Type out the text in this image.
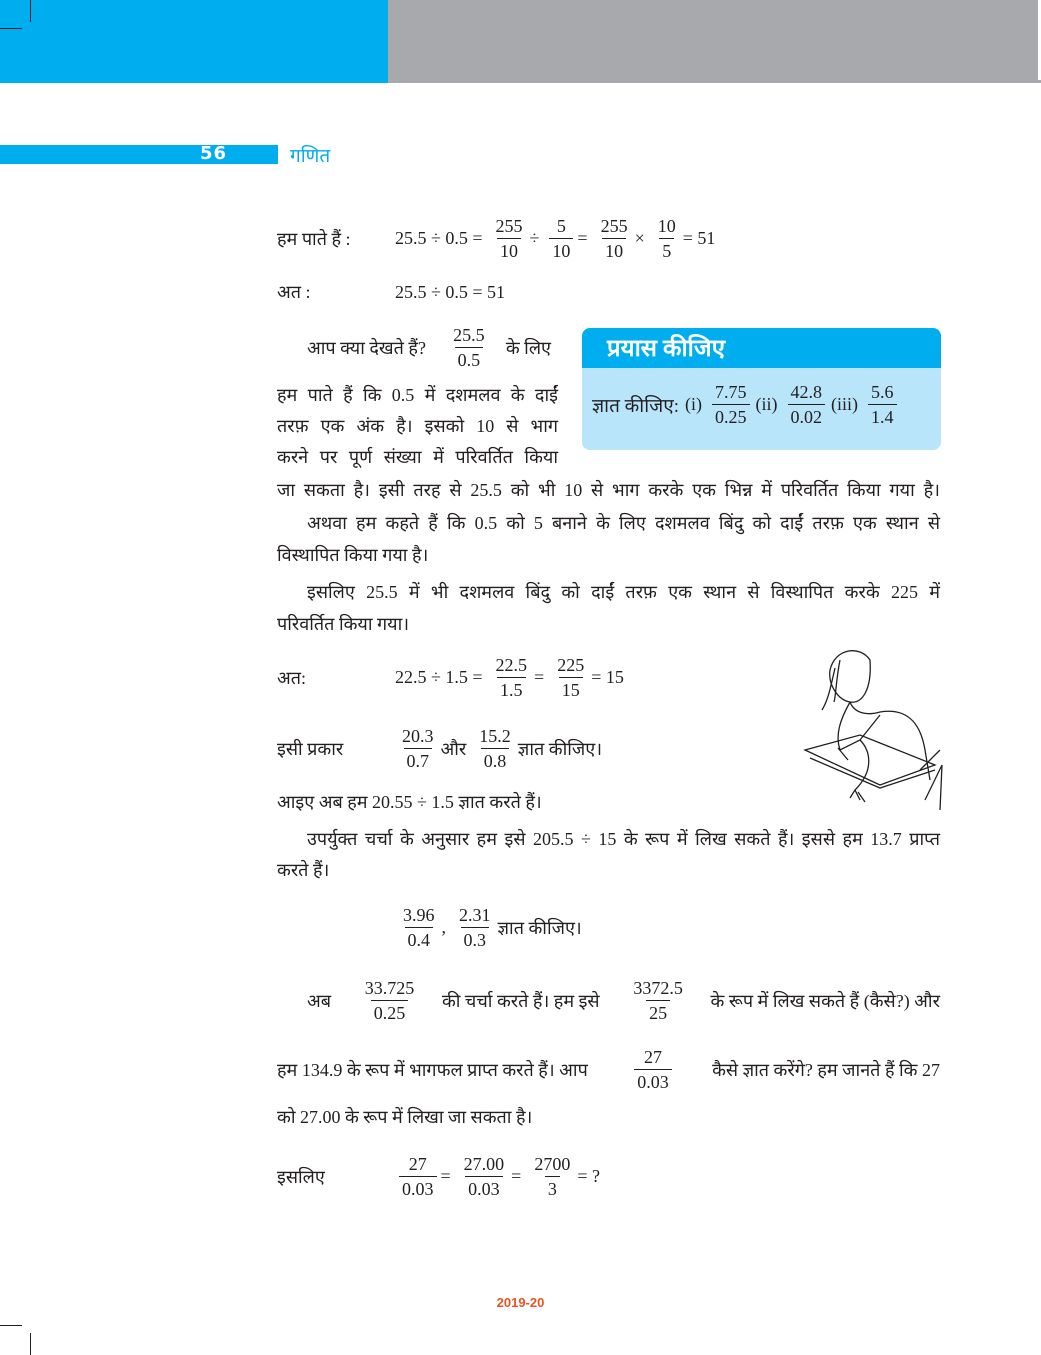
56	गणित
हम पाते हैं :	$25.5 \div 0.5 = \frac{255}{10} \div \frac{5}{10} = \frac{255}{10} \times \frac{10}{5} = 51$
अत :	25.5 ÷ 0.5 = 51
आप क्या देखते हैं? $\frac{25.5}{0.5}$ के लिए
हम पाते हैं कि 0.5 में दशमलव के दाईं
तरफ़ एक अंक है। इसको 10 से भाग
करने पर पूर्ण संख्या में परिवर्तित किया
जा सकता है। इसी तरह से 25.5 को भी 10 से भाग करके एक भिन्न में परिवर्तित किया गया है।
प्रयास कीजिए
ज्ञात कीजिए: $(i) \frac{7.75}{0.25} (ii) \frac{42.8}{0.02} (iii) \frac{5.6}{1.4}$
अथवा हम कहते हैं कि 0.5 को 5 बनाने के लिए दशमलव बिंदु को दाईं तरफ़ एक स्थान से
विस्थापित किया गया है।
इसलिए 25.5 में भी दशमलव बिंदु को दाईं तरफ़ एक स्थान से विस्थापित करके 225 में
परिवर्तित किया गया।
अत:	$22.5 \div 1.5 = \frac{22.5}{1.5} = \frac{225}{15} = 15$
इसी प्रकार	$\frac{20.3}{0.7}$ और $\frac{15.2}{0.8}$ ज्ञात कीजिए।
आइए अब हम 20.55 ÷ 1.5 ज्ञात करते हैं।
उपर्युक्त चर्चा के अनुसार हम इसे 205.5 ÷ 15 के रूप में लिख सकते हैं। इससे हम 13.7 प्राप्त
करते हैं।
$\frac{3.96}{0.4}$ , $\frac{2.31}{0.3}$ ज्ञात कीजिए।
अब $\frac{33.725}{0.25}$ की चर्चा करते हैं। हम इसे $\frac{3372.5}{25}$ के रूप में लिख सकते हैं (कैसे?) और
हम 134.9 के रूप में भागफल प्राप्त करते हैं। आप	$\frac{27}{0.03}$ कैसे ज्ञात करेंगे? हम जानते हैं कि 27
को 27.00 के रूप में लिखा जा सकता है।
इसलिए	$\frac{27}{0.03} = \frac{27.00}{0.03} = \frac{2700}{3}$ = ?
2019-20
